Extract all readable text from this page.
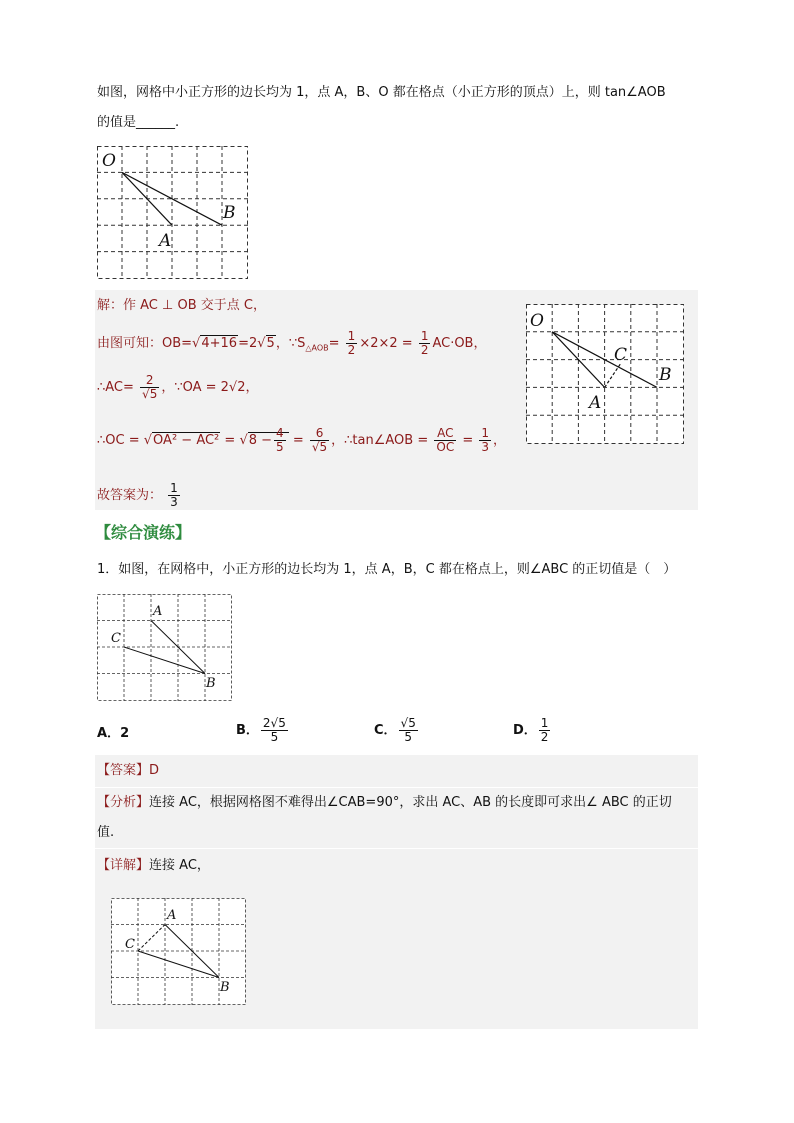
如图，网格中小正方形的边长均为 1，点 A，B、O 都在格点（小正方形的顶点）上，则 tan∠AOB
的值是______.
O
B
A
解：作 AC ⊥ OB 交于点 C，
由图可知：OB=√4+16=2√5，$\because S_{\triangle AOB}= \frac{1}{2} \times 2\times 2 = \frac{1}{2} AC\cdot OB$，
∴AC= $\frac{2}{√5}$ ，∵OA = 2√2，
∴OC = $√OA^2 - AC^2 = √8 - \frac{4}{5} = \frac{6}{√5}$ ，∴tan∠AOB = $\frac{AC}{OC} = \frac{1}{3}$ ，
故答案为： $\frac{1}{3}$
O
C
B
A
【综合演练】
1．如图，在网格中，小正方形的边长均为 1，点 A，B，C 都在格点上，则∠ABC 的正切值是（　）
A
C
B
A．2	B． $\frac{2√5}{5}$	C． $\frac{√5}{5}$	D． $\frac{1}{2}$
【答案】D
【分析】连接 AC，根据网格图不难得出∠CAB=90°，求出 AC、AB 的长度即可求出∠ ABC 的正切
值.
【详解】连接 AC，
A
C
B
